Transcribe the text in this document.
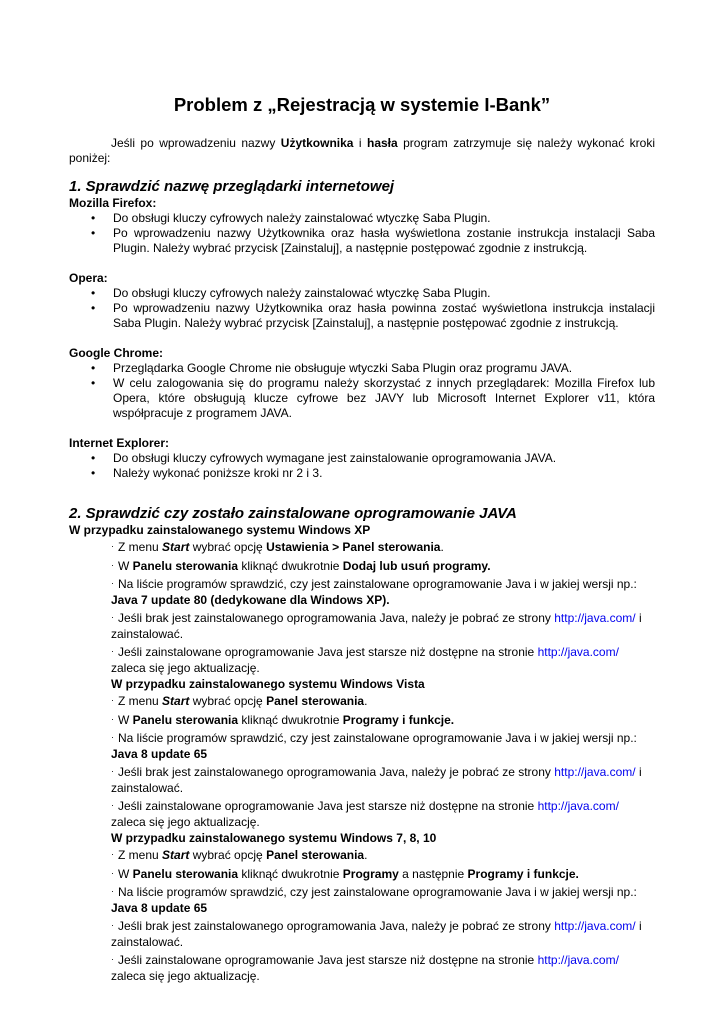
Problem z „Rejestracją w systemie I-Bank”

Jeśli po wprowadzeniu nazwy Użytkownika i hasła program zatrzymuje się należy wykonać kroki poniżej:

1. Sprawdzić nazwę przeglądarki internetowej

Mozilla Firefox:

• Do obsługi kluczy cyfrowych należy zainstalować wtyczkę Saba Plugin.
• Po wprowadzeniu nazwy Użytkownika oraz hasła wyświetlona zostanie instrukcja instalacji Saba Plugin. Należy wybrać przycisk [Zainstaluj], a następnie postępować zgodnie z instrukcją.

Opera:

• Do obsługi kluczy cyfrowych należy zainstalować wtyczkę Saba Plugin.
• Po wprowadzeniu nazwy Użytkownika oraz hasła powinna zostać wyświetlona instrukcja instalacji Saba Plugin. Należy wybrać przycisk [Zainstaluj], a następnie postępować zgodnie z instrukcją.

Google Chrome:

• Przeglądarka Google Chrome nie obsługuje wtyczki Saba Plugin oraz programu JAVA.
• W celu zalogowania się do programu należy skorzystać z innych przeglądarek: Mozilla Firefox lub Opera, które obsługują klucze cyfrowe bez JAVY lub Microsoft Internet Explorer v11, która współpracuje z programem JAVA.

Internet Explorer:

• Do obsługi kluczy cyfrowych wymagane jest zainstalowanie oprogramowania JAVA.
• Należy wykonać poniższe kroki nr 2 i 3.
2. Sprawdzić czy zostało zainstalowane oprogramowanie JAVA

W przypadku zainstalowanego systemu Windows XP

· Z menu Start wybrać opcję Ustawienia > Panel sterowania.
· W Panelu sterowania kliknąć dwukrotnie Dodaj lub usuń programy.
· Na liście programów sprawdzić, czy jest zainstalowane oprogramowanie Java i w jakiej wersji np.:
Java 7 update 80 (dedykowane dla Windows XP).
· Jeśli brak jest zainstalowanego oprogramowania Java, należy je pobrać ze strony http://java.com/ i zainstalować.
· Jeśli zainstalowane oprogramowanie Java jest starsze niż dostępne na stronie http://java.com/
zaleca się jego aktualizację.

W przypadku zainstalowanego systemu Windows Vista

· Z menu Start wybrać opcję Panel sterowania.
· W Panelu sterowania kliknąć dwukrotnie Programy i funkcje.
· Na liście programów sprawdzić, czy jest zainstalowane oprogramowanie Java i w jakiej wersji np.:
Java 8 update 65
· Jeśli brak jest zainstalowanego oprogramowania Java, należy je pobrać ze strony http://java.com/ i zainstalować.
· Jeśli zainstalowane oprogramowanie Java jest starsze niż dostępne na stronie http://java.com/
zaleca się jego aktualizację.

W przypadku zainstalowanego systemu Windows 7, 8, 10

· Z menu Start wybrać opcję Panel sterowania.
· W Panelu sterowania kliknąć dwukrotnie Programy a następnie Programy i funkcje.
· Na liście programów sprawdzić, czy jest zainstalowane oprogramowanie Java i w jakiej wersji np.:
Java 8 update 65
· Jeśli brak jest zainstalowanego oprogramowania Java, należy je pobrać ze strony http://java.com/ i zainstalować.
· Jeśli zainstalowane oprogramowanie Java jest starsze niż dostępne na stronie http://java.com/
zaleca się jego aktualizację.
